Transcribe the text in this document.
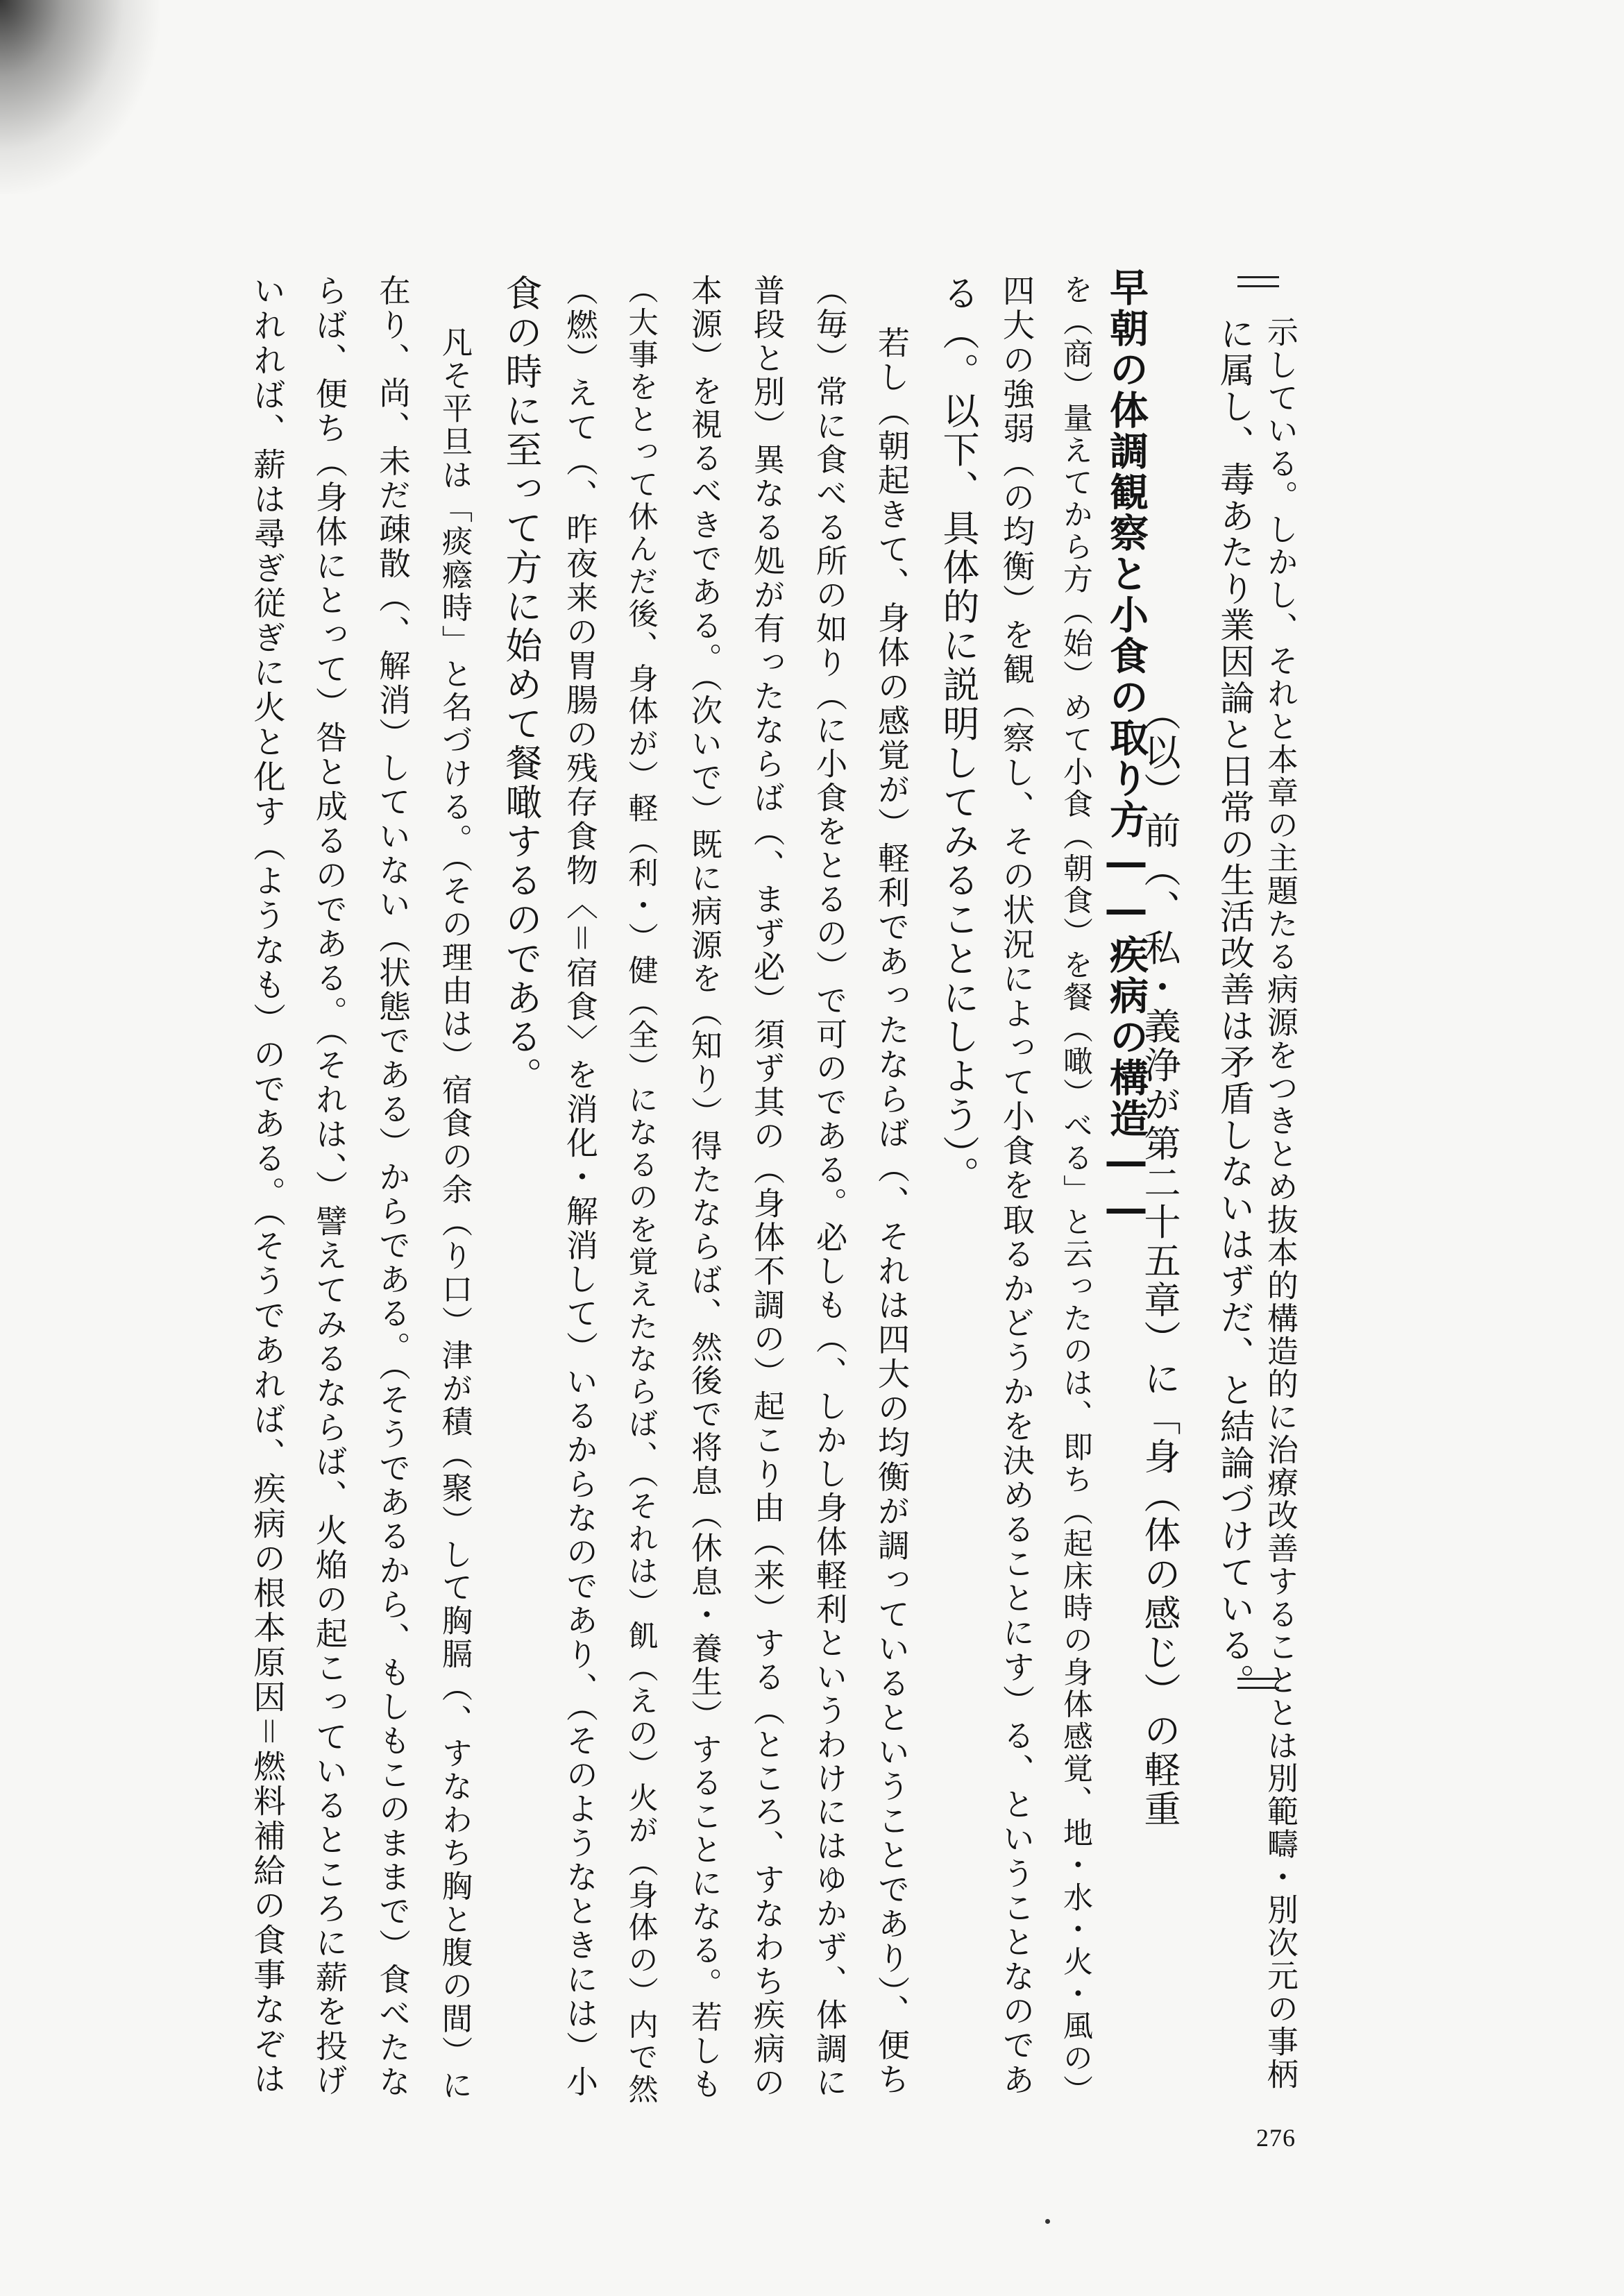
示している。しかし、それと本章の主題たる病源をつきとめ抜本的構造的に治療改善することとは別範疇・別次元の事柄

に属し、毒あたり業因論と日常の生活改善は矛盾しないはずだ、と結論づけている。

早朝の体調観察と小食の取り方――疾病の構造――

（以）前（、私・義浄が第二十五章）に「身（体の感じ）の軽重

を（商）量えてから方（始）めて小食（朝食）を餐（噉）べる」と云ったのは、即ち（起床時の身体感覚、地・水・火・風の）

四大の強弱（の均衡）を観（察し、その状況によって小食を取るかどうかを決めることにす）る、ということなのであ

る（。以下、具体的に説明してみることにしよう）。

若し（朝起きて、身体の感覚が）軽利であったならば（、それは四大の均衡が調っているということであり）、便ち

（毎）常に食べる所の如り（に小食をとるの）で可のである。必しも（、しかし身体軽利というわけにはゆかず、体調に

普段と別）異なる処が有ったならば（、まず必）須ず其の（身体不調の）起こり由（来）する（ところ、すなわち疾病の

本源）を視るべきである。（次いで）既に病源を（知り）得たならば、然後で将息（休息・養生）することになる。若しも

（大事をとって休んだ後、身体が）軽（利・）健（全）になるのを覚えたならば、（それは）飢（えの）火が（身体の）内で然

（燃）えて（、昨夜来の胃腸の残存食物〈＝宿食〉を消化・解消して）いるからなのであり、（そのようなときには）小

食の時に至って方に始めて餐噉するのである。

凡そ平旦は「痰癊時」と名づける。（その理由は）宿食の余（り口）津が積（聚）して胸膈（、すなわち胸と腹の間）に

在り、尚、未だ疎散（、解消）していない（状態である）からである。（そうであるから、もしもこのままで）食べたな

らば、便ち（身体にとって）咎と成るのである。（それは、）譬えてみるならば、火焔の起こっているところに薪を投げ

いれれば、薪は尋ぎ従ぎに火と化す（ようなも）のである。（そうであれば、疾病の根本原因＝燃料補給の食事なぞは

276
